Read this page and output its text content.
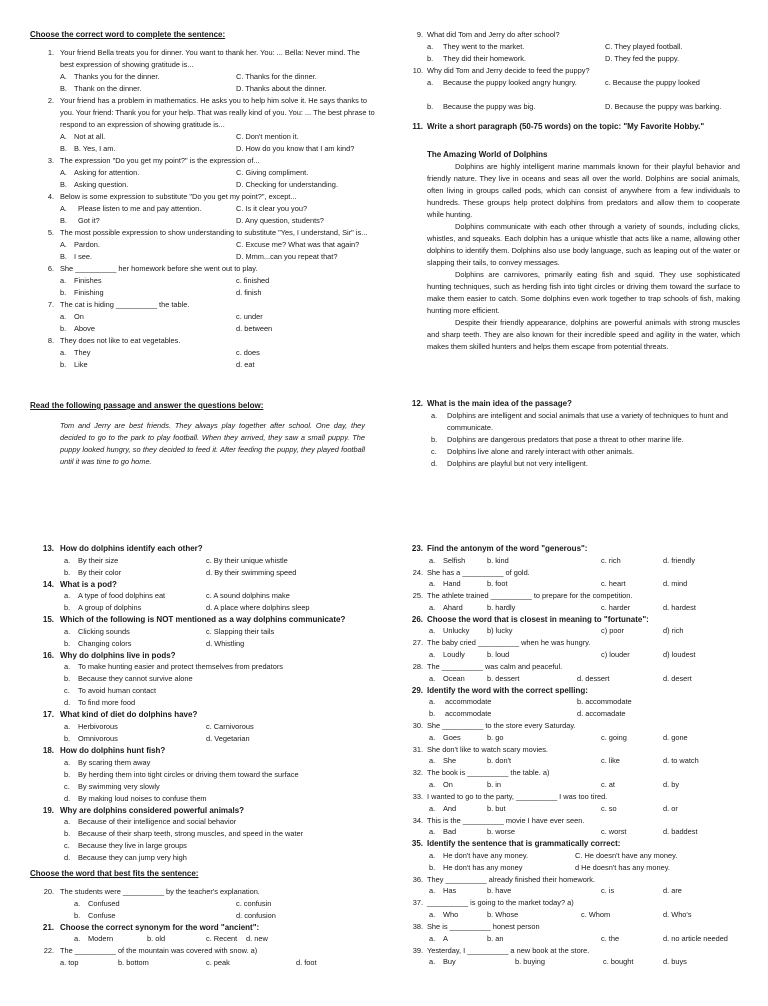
Choose the correct word to complete the sentence:
1. Your friend Bella treats you for dinner. You want to thank her. You: ... Bella: Never mind. The best expression of showing gratitude is...
A. Thanks you for the dinner.	C. Thanks for the dinner.
B. Thank on the dinner.	D. Thanks about the dinner.
2. Your friend has a problem in mathematics. He asks you to help him solve it. He says thanks to you. Your friend: Thank you for your help. That was really kind of you. You: ... The best phrase to respond to an expression of showing gratitude is...
A. Not at all.	C. Don't mention it.
B. B. Yes, I am.	D. How do you know that I am kind?
3. The expression "Do you get my point?" is the expression of...
A. Asking for attention.	C. Giving compliment.
B. Asking question.	D. Checking for understanding.
4. Below is some expression to substitute "Do you get my point?", except...
A. Please listen to me and pay attention.	C. Is it clear you you?
B. Got it?	D. Any question, students?
5. The most possible expression to show understanding to substitute "Yes, I understand, Sir" is...
A. Pardon.	C. Excuse me? What was that again?
B. I see.	D. Mmm...can you repeat that?
6. She __________ her homework before she went out to play.
a. Finishes	c. finished
b. Finishing	d. finish
7. The cat is hiding __________ the table.
a. On	c. under
b. Above	d. between
8. They does not like to eat vegetables.
a. They	c. does
b. Like	d. eat
Read the following passage and answer the questions below:
Tom and Jerry are best friends. They always play together after school. One day, they decided to go to the park to play football. When they arrived, they saw a small puppy. The puppy looked hungry, so they decided to feed it. After feeding the puppy, they played football until it was time to go home.
9. What did Tom and Jerry do after school?
a. They went to the market.	C. They played football.
b. They did their homework.	D. They fed the puppy.
10. Why did Tom and Jerry decide to feed the puppy?
a. Because the puppy looked angry hungry.	c. Because the puppy looked
b. Because the puppy was big.	D. Because the puppy was barking.
11. Write a short paragraph (50-75 words) on the topic: "My Favorite Hobby."
The Amazing World of Dolphins
Dolphins are highly intelligent marine mammals known for their playful behavior and friendly nature. They live in oceans and seas all over the world. Dolphins are social animals, often living in groups called pods, which can consist of anywhere from a few individuals to hundreds. These groups help protect dolphins from predators and allow them to cooperate while hunting.
Dolphins communicate with each other through a variety of sounds, including clicks, whistles, and squeaks. Each dolphin has a unique whistle that acts like a name, allowing other dolphins to identify them. Dolphins also use body language, such as leaping out of the water or slapping their tails, to convey messages.
Dolphins are carnivores, primarily eating fish and squid. They use sophisticated hunting techniques, such as herding fish into tight circles or driving them toward the surface to make them easier to catch. Some dolphins even work together to trap schools of fish, making hunting more efficient.
Despite their friendly appearance, dolphins are powerful animals with strong muscles and sharp teeth. They are also known for their incredible speed and agility in the water, which makes them skilled hunters and helps them escape from potential threats.
12. What is the main idea of the passage?
a. Dolphins are intelligent and social animals that use a variety of techniques to hunt and communicate.
b. Dolphins are dangerous predators that pose a threat to other marine life.
c. Dolphins live alone and rarely interact with other animals.
d. Dolphins are playful but not very intelligent.
13. How do dolphins identify each other?
a. By their size	c. By their unique whistle
b. By their color	d. By their swimming speed
14. What is a pod?
a. A type of food dolphins eat	c. A sound dolphins make
b. A group of dolphins	d. A place where dolphins sleep
15. Which of the following is NOT mentioned as a way dolphins communicate?
a. Clicking sounds	c. Slapping their tails
b. Changing colors	d. Whistling
16. Why do dolphins live in pods?
a. To make hunting easier and protect themselves from predators
b. Because they cannot survive alone
c. To avoid human contact
d. To find more food
17. What kind of diet do dolphins have?
a. Herbivorous	c. Carnivorous
b. Omnivorous	d. Vegetarian
18. How do dolphins hunt fish?
a. By scaring them away
b. By herding them into tight circles or driving them toward the surface
c. By swimming very slowly
d. By making loud noises to confuse them
19. Why are dolphins considered powerful animals?
a. Because of their intelligence and social behavior
b. Because of their sharp teeth, strong muscles, and speed in the water
c. Because they live in large groups
d. Because they can jump very high
Choose the word that best fits the sentence:
20. The students were __________ by the teacher's explanation.
a. Confused	c. confusin
b. Confuse	d. confusion
21. Choose the correct synonym for the word "ancient":
a. Modern	b. old	c. Recent d. new
22. The __________ of the mountain was covered with snow. a)
a. top	b. bottom	c. peak	d. foot
23. Find the antonym of the word "generous":
a. Selfish	b. kind	c. rich	d. friendly
24. She has a __________ of gold.
a. Hand	b. foot	c. heart	d. mind
25. The athlete trained __________ to prepare for the competition.
a. Ahard	b. hardly	c. harder	d. hardest
26. Choose the word that is closest in meaning to "fortunate":
a. Unlucky b) lucky	c) poor	d) rich
27. The baby cried __________ when he was hungry.
a. Loudly	b. loud	c) louder	d) loudest
28. The __________ was calm and peaceful.
a. Ocean	b. dessert	d. dessert	d. desert
29. Identify the word with the correct spelling:
a. accommodate	b. accommodate
b. accommodate	d. accomadate
30. She __________ to the store every Saturday.
a. Goes	b. go	c. going	d. gone
31. She don't like to watch scary movies.
a. She	b. don't	c. like	d. to watch
32. The book is __________ the table. a)
a. On	b. in	c. at	d. by
33. I wanted to go to the party, __________ I was too tired.
a. And	b. but	c. so	d. or
34. This is the __________ movie I have ever seen.
a. Bad	b. worse	c. worst	d. baddest
35. Identify the sentence that is grammatically correct:
a. He don't have any money.	C. He doesn't have any money.
b. He don't has any money	d He doesn't has any money.
36. They __________ already finished their homework.
a. Has	b. have	c. is	d. are
37. __________ is going to the market today? a)
a. Who	b. Whose	c. Whom	d. Who's
38. She is __________ honest person
a. A	b. an	c. the	d. no article needed
39. Yesterday, I __________ a new book at the store.
a. Buy	b. buying	c. bought	d. buys
